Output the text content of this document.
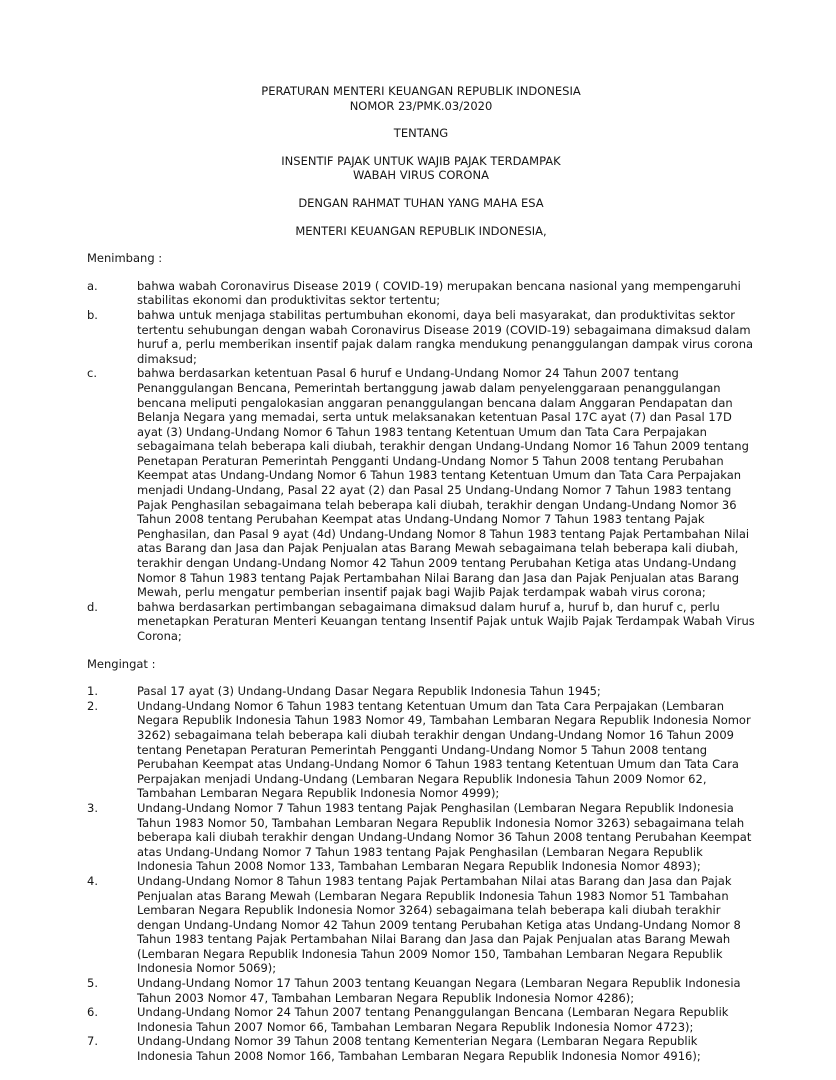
PERATURAN MENTERI KEUANGAN REPUBLIK INDONESIA

NOMOR 23/PMK.03/2020

TENTANG

INSENTIF PAJAK UNTUK WAJIB PAJAK TERDAMPAK

WABAH VIRUS CORONA

DENGAN RAHMAT TUHAN YANG MAHA ESA

MENTERI KEUANGAN REPUBLIK INDONESIA,

Menimbang :

a.	bahwa wabah Coronavirus Disease 2019 ( COVID-19) merupakan bencana nasional yang mempengaruhi stabilitas ekonomi dan produktivitas sektor tertentu;
b.	bahwa untuk menjaga stabilitas pertumbuhan ekonomi, daya beli masyarakat, dan produktivitas sektor tertentu sehubungan dengan wabah Coronavirus Disease 2019 (COVID-19) sebagaimana dimaksud dalam huruf a, perlu memberikan insentif pajak dalam rangka mendukung penanggulangan dampak virus corona dimaksud;
c.	bahwa berdasarkan ketentuan Pasal 6 huruf e Undang-Undang Nomor 24 Tahun 2007 tentang Penanggulangan Bencana, Pemerintah bertanggung jawab dalam penyelenggaraan penanggulangan bencana meliputi pengalokasian anggaran penanggulangan bencana dalam Anggaran Pendapatan dan Belanja Negara yang memadai, serta untuk melaksanakan ketentuan Pasal 17C ayat (7) dan Pasal 17D ayat (3) Undang-Undang Nomor 6 Tahun 1983 tentang Ketentuan Umum dan Tata Cara Perpajakan sebagaimana telah beberapa kali diubah, terakhir dengan Undang-Undang Nomor 16 Tahun 2009 tentang Penetapan Peraturan Pemerintah Pengganti Undang-Undang Nomor 5 Tahun 2008 tentang Perubahan Keempat atas Undang-Undang Nomor 6 Tahun 1983 tentang Ketentuan Umum dan Tata Cara Perpajakan menjadi Undang-Undang, Pasal 22 ayat (2) dan Pasal 25 Undang-Undang Nomor 7 Tahun 1983 tentang Pajak Penghasilan sebagaimana telah beberapa kali diubah, terakhir dengan Undang-Undang Nomor 36 Tahun 2008 tentang Perubahan Keempat atas Undang-Undang Nomor 7 Tahun 1983 tentang Pajak Penghasilan, dan Pasal 9 ayat (4d) Undang-Undang Nomor 8 Tahun 1983 tentang Pajak Pertambahan Nilai atas Barang dan Jasa dan Pajak Penjualan atas Barang Mewah sebagaimana telah beberapa kali diubah, terakhir dengan Undang-Undang Nomor 42 Tahun 2009 tentang Perubahan Ketiga atas Undang-Undang Nomor 8 Tahun 1983 tentang Pajak Pertambahan Nilai Barang dan Jasa dan Pajak Penjualan atas Barang Mewah, perlu mengatur pemberian insentif pajak bagi Wajib Pajak terdampak wabah virus corona;
d.	bahwa berdasarkan pertimbangan sebagaimana dimaksud dalam huruf a, huruf b, dan huruf c, perlu menetapkan Peraturan Menteri Keuangan tentang Insentif Pajak untuk Wajib Pajak Terdampak Wabah Virus Corona;

Mengingat :

1.	Pasal 17 ayat (3) Undang-Undang Dasar Negara Republik Indonesia Tahun 1945;
2.	Undang-Undang Nomor 6 Tahun 1983 tentang Ketentuan Umum dan Tata Cara Perpajakan (Lembaran Negara Republik Indonesia Tahun 1983 Nomor 49, Tambahan Lembaran Negara Republik Indonesia Nomor 3262) sebagaimana telah beberapa kali diubah terakhir dengan Undang-Undang Nomor 16 Tahun 2009 tentang Penetapan Peraturan Pemerintah Pengganti Undang-Undang Nomor 5 Tahun 2008 tentang Perubahan Keempat atas Undang-Undang Nomor 6 Tahun 1983 tentang Ketentuan Umum dan Tata Cara Perpajakan menjadi Undang-Undang (Lembaran Negara Republik Indonesia Tahun 2009 Nomor 62, Tambahan Lembaran Negara Republik Indonesia Nomor 4999);
3.	Undang-Undang Nomor 7 Tahun 1983 tentang Pajak Penghasilan (Lembaran Negara Republik Indonesia Tahun 1983 Nomor 50, Tambahan Lembaran Negara Republik Indonesia Nomor 3263) sebagaimana telah beberapa kali diubah terakhir dengan Undang-Undang Nomor 36 Tahun 2008 tentang Perubahan Keempat atas Undang-Undang Nomor 7 Tahun 1983 tentang Pajak Penghasilan (Lembaran Negara Republik Indonesia Tahun 2008 Nomor 133, Tambahan Lembaran Negara Republik Indonesia Nomor 4893);
4.	Undang-Undang Nomor 8 Tahun 1983 tentang Pajak Pertambahan Nilai atas Barang dan Jasa dan Pajak Penjualan atas Barang Mewah (Lembaran Negara Republik Indonesia Tahun 1983 Nomor 51 Tambahan Lembaran Negara Republik Indonesia Nomor 3264) sebagaimana telah beberapa kali diubah terakhir dengan Undang-Undang Nomor 42 Tahun 2009 tentang Perubahan Ketiga atas Undang-Undang Nomor 8 Tahun 1983 tentang Pajak Pertambahan Nilai Barang dan Jasa dan Pajak Penjualan atas Barang Mewah (Lembaran Negara Republik Indonesia Tahun 2009 Nomor 150, Tambahan Lembaran Negara Republik Indonesia Nomor 5069);
5.	Undang-Undang Nomor 17 Tahun 2003 tentang Keuangan Negara (Lembaran Negara Republik Indonesia Tahun 2003 Nomor 47, Tambahan Lembaran Negara Republik Indonesia Nomor 4286);
6.	Undang-Undang Nomor 24 Tahun 2007 tentang Penanggulangan Bencana (Lembaran Negara Republik Indonesia Tahun 2007 Nomor 66, Tambahan Lembaran Negara Republik Indonesia Nomor 4723);
7.	Undang-Undang Nomor 39 Tahun 2008 tentang Kementerian Negara (Lembaran Negara Republik Indonesia Tahun 2008 Nomor 166, Tambahan Lembaran Negara Republik Indonesia Nomor 4916);
